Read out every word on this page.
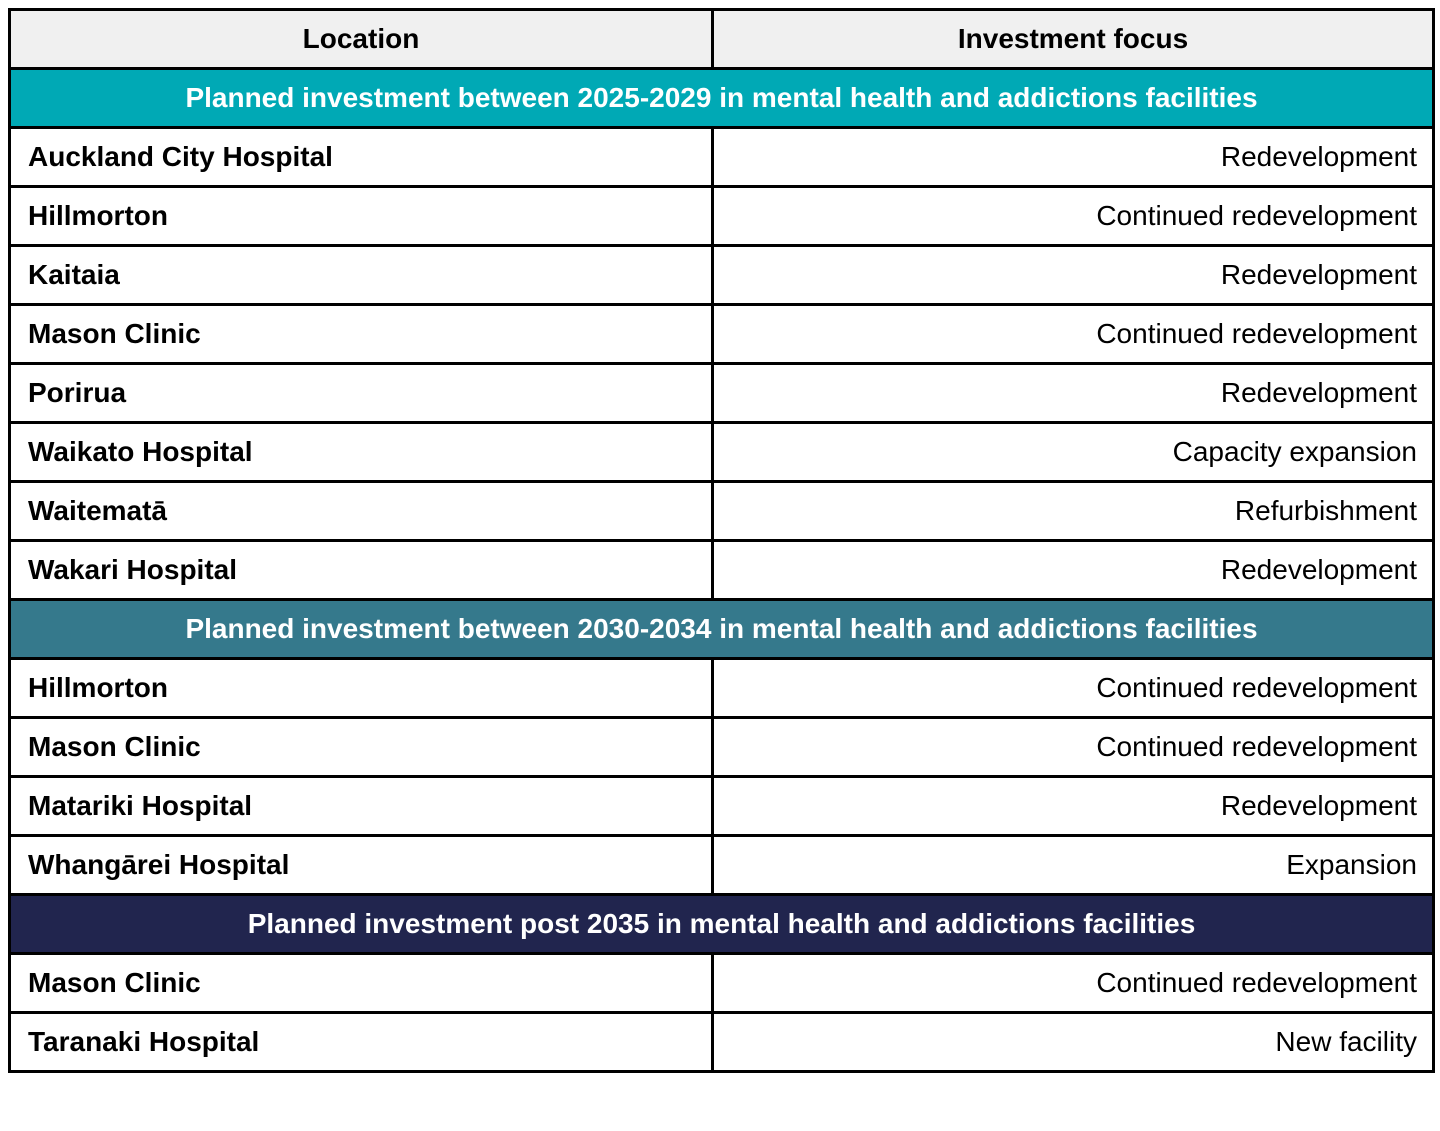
Location	Investment focus
Planned investment between 2025-2029 in mental health and addictions facilities	
Auckland City Hospital	Redevelopment
Hillmorton	Continued redevelopment
Kaitaia	Redevelopment
Mason Clinic	Continued redevelopment
Porirua	Redevelopment
Waikato Hospital	Capacity expansion
Waitematā	Refurbishment
Wakari Hospital	Redevelopment
Planned investment between 2030-2034 in mental health and addictions facilities	
Hillmorton	Continued redevelopment
Mason Clinic	Continued redevelopment
Matariki Hospital	Redevelopment
Whangārei Hospital	Expansion
Planned investment post 2035 in mental health and addictions facilities	
Mason Clinic	Continued redevelopment
Taranaki Hospital	New facility
